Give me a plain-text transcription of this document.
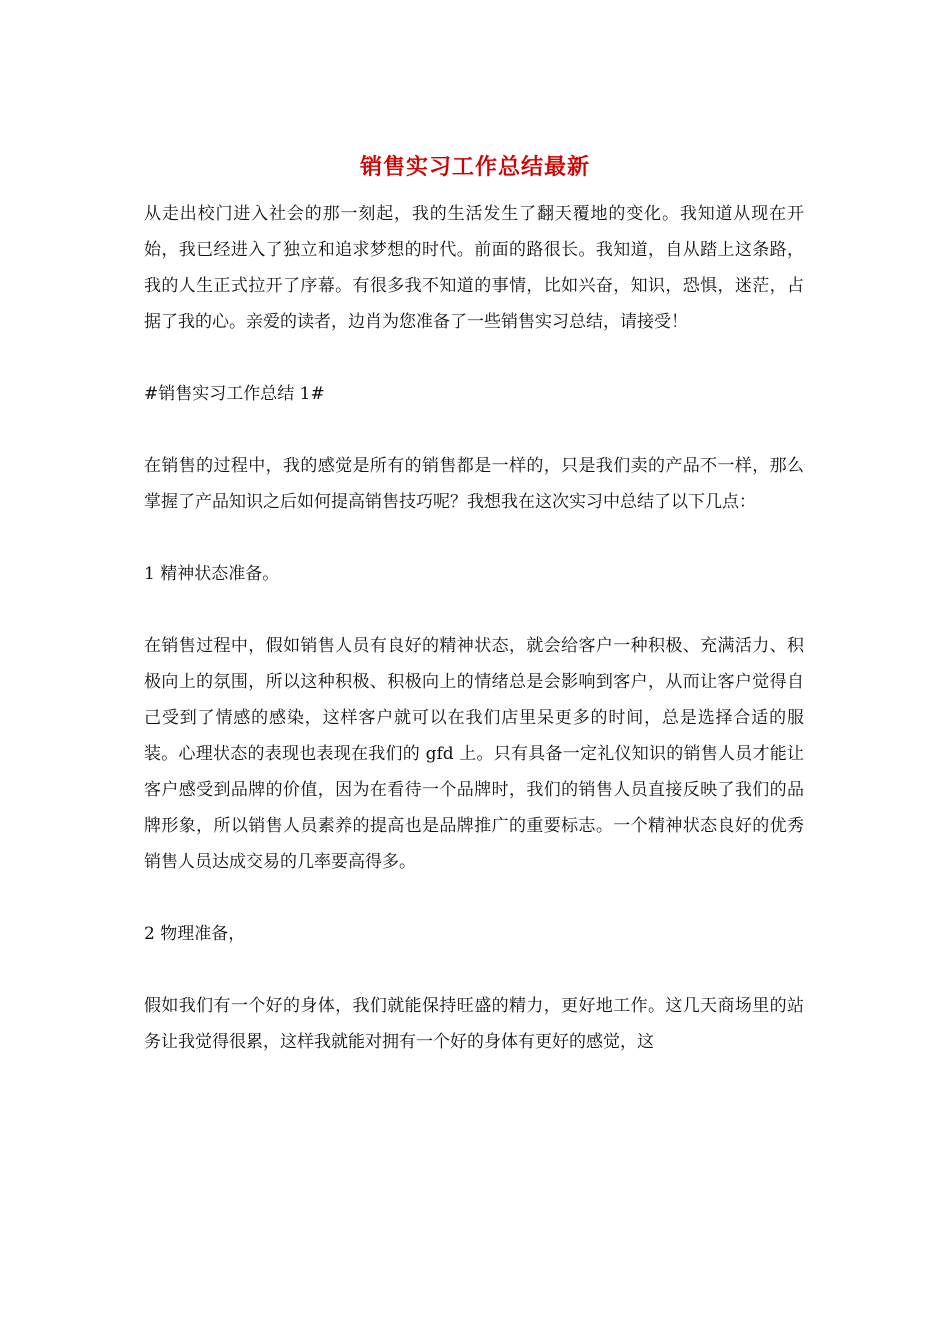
销售实习工作总结最新

从走出校门进入社会的那一刻起，我的生活发生了翻天覆地的变化。我知道从现在开始，我已经进入了独立和追求梦想的时代。前面的路很长。我知道，自从踏上这条路，我的人生正式拉开了序幕。有很多我不知道的事情，比如兴奋，知识，恐惧，迷茫，占据了我的心。亲爱的读者，边肖为您准备了一些销售实习总结，请接受！

#销售实习工作总结 1#

在销售的过程中，我的感觉是所有的销售都是一样的，只是我们卖的产品不一样，那么掌握了产品知识之后如何提高销售技巧呢？我想我在这次实习中总结了以下几点：

1 精神状态准备。

在销售过程中，假如销售人员有良好的精神状态，就会给客户一种积极、充满活力、积极向上的氛围，所以这种积极、积极向上的情绪总是会影响到客户，从而让客户觉得自己受到了情感的感染，这样客户就可以在我们店里呆更多的时间，总是选择合适的服装。心理状态的表现也表现在我们的 gfd 上。只有具备一定礼仪知识的销售人员才能让客户感受到品牌的价值，因为在看待一个品牌时，我们的销售人员直接反映了我们的品牌形象，所以销售人员素养的提高也是品牌推广的重要标志。一个精神状态良好的优秀销售人员达成交易的几率要高得多。

2 物理准备，

假如我们有一个好的身体，我们就能保持旺盛的精力，更好地工作。这几天商场里的站务让我觉得很累，这样我就能对拥有一个好的身体有更好的感觉，这
